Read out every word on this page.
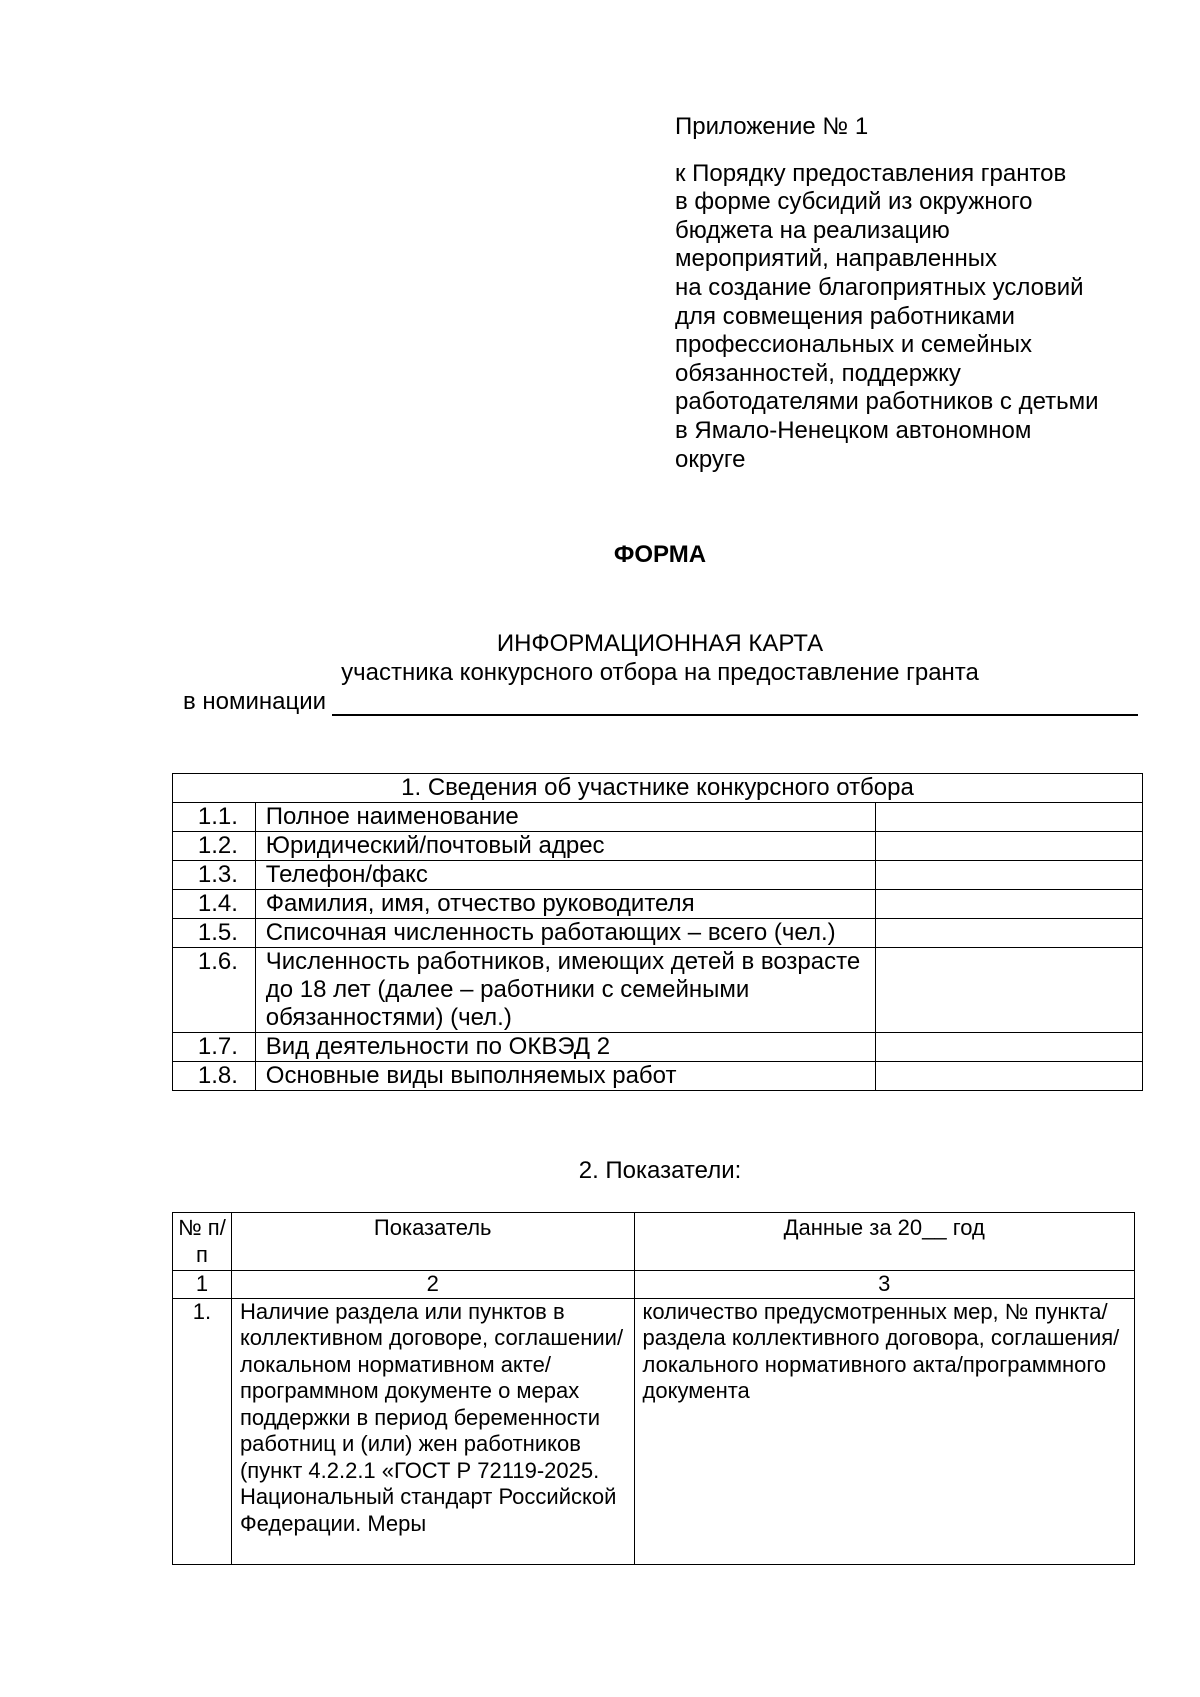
Приложение № 1
к Порядку предоставления грантов
в форме субсидий из окружного
бюджета на реализацию
мероприятий, направленных
на создание благоприятных условий
для совмещения работниками
профессиональных и семейных
обязанностей, поддержку
работодателями работников с детьми
в Ямало-Ненецком автономном
округе
ФОРМА
ИНФОРМАЦИОННАЯ КАРТА
участника конкурсного отбора на предоставление гранта
в номинации
1. Сведения об участнике конкурсного отбора		
1.1.	Полное наименование	
1.2.	Юридический/почтовый адрес	
1.3.	Телефон/факс	
1.4.	Фамилия, имя, отчество руководителя	
1.5.	Списочная численность работающих – всего (чел.)	
1.6.	Численность работников, имеющих детей в возрасте до 18 лет (далее – работники с семейными обязанностями) (чел.)	
1.7.	Вид деятельности по ОКВЭД 2	
1.8.	Основные виды выполняемых работ	
2. Показатели:
№ п/п	Показатель	Данные за 20__ год
1	2	3
1.	Наличие раздела или пунктов в коллективном договоре, соглашении/локальном нормативном акте/программном документе о мерах поддержки в период беременности работниц и (или) жен работников (пункт 4.2.2.1 «ГОСТ Р 72119-2025. Национальный стандарт Российской Федерации. Меры	количество предусмотренных мер, № пункта/раздела коллективного договора, соглашения/локального нормативного акта/программного документа
